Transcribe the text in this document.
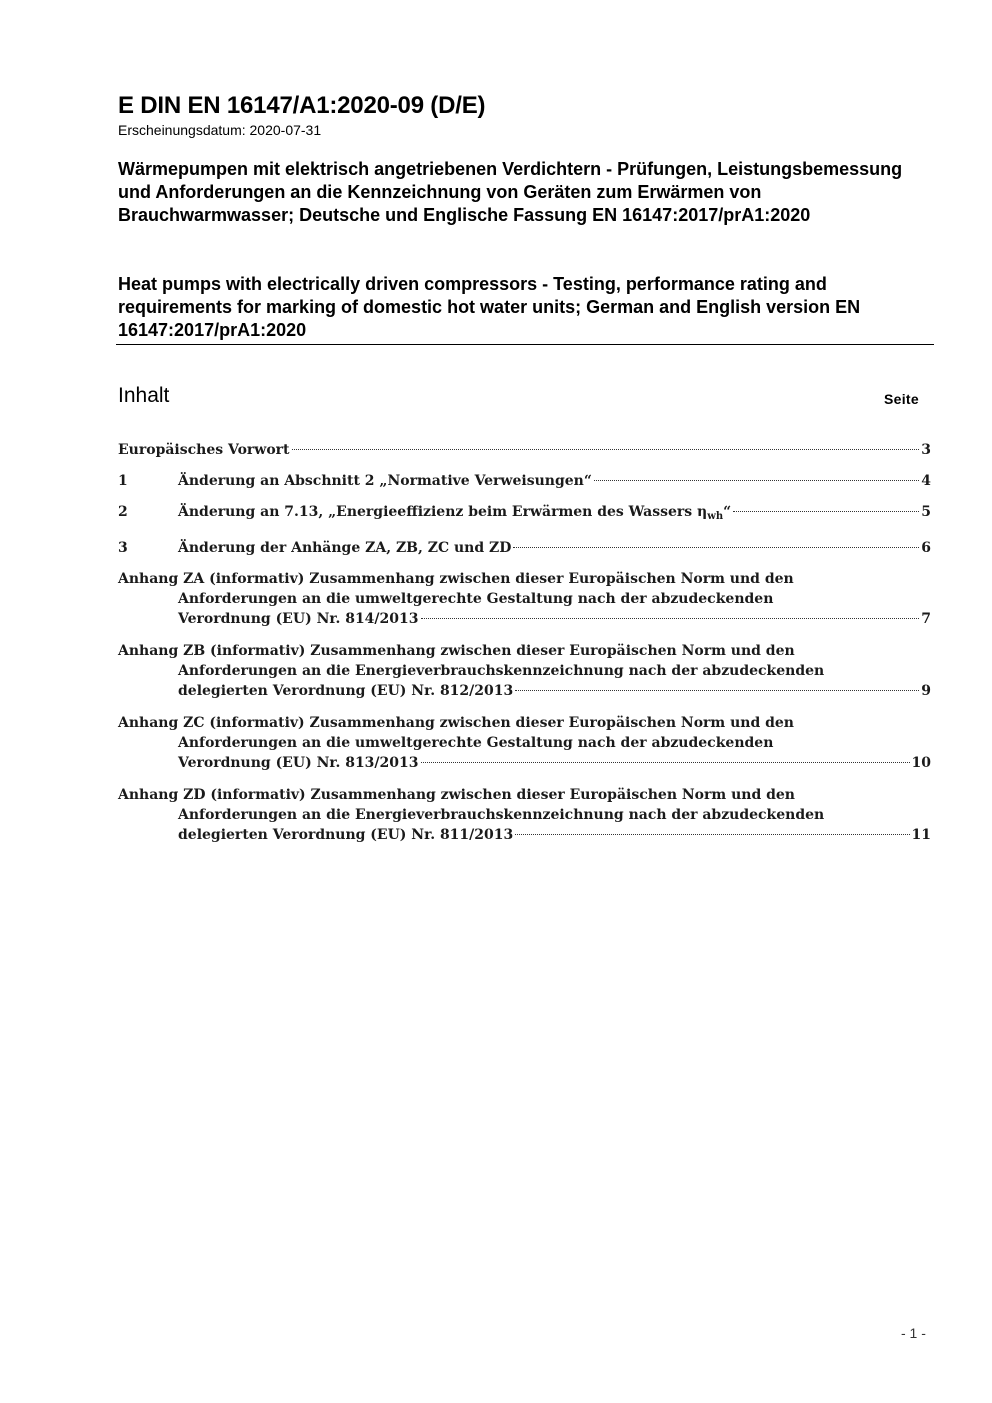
E DIN EN 16147/A1:2020-09 (D/E)
Erscheinungsdatum: 2020-07-31

Wärmepumpen mit elektrisch angetriebenen Verdichtern - Prüfungen, Leistungsbemessung und Anforderungen an die Kennzeichnung von Geräten zum Erwärmen von Brauchwarmwasser; Deutsche und Englische Fassung EN 16147:2017/prA1:2020

Heat pumps with electrically driven compressors - Testing, performance rating and requirements for marking of domestic hot water units; German and English version EN 16147:2017/prA1:2020

Inhalt	Seite
Europäisches Vorwort	3
1	Änderung an Abschnitt 2 „Normative Verweisungen“	4
2	Änderung an 7.13, „Energieeffizienz beim Erwärmen des Wassers $\eta_{wh}“$	5
3	Änderung der Anhänge ZA, ZB, ZC und ZD	6
Anhang ZA (informativ) Zusammenhang zwischen dieser Europäischen Norm und den
Anforderungen an die umweltgerechte Gestaltung nach der abzudeckenden
Verordnung (EU) Nr. 814/2013	7
Anhang ZB (informativ) Zusammenhang zwischen dieser Europäischen Norm und den
Anforderungen an die Energieverbrauchskennzeichnung nach der abzudeckenden
delegierten Verordnung (EU) Nr. 812/2013	9
Anhang ZC (informativ) Zusammenhang zwischen dieser Europäischen Norm und den
Anforderungen an die umweltgerechte Gestaltung nach der abzudeckenden
Verordnung (EU) Nr. 813/2013	10
Anhang ZD (informativ) Zusammenhang zwischen dieser Europäischen Norm und den
Anforderungen an die Energieverbrauchskennzeichnung nach der abzudeckenden
delegierten Verordnung (EU) Nr. 811/2013	11
- 1 -
